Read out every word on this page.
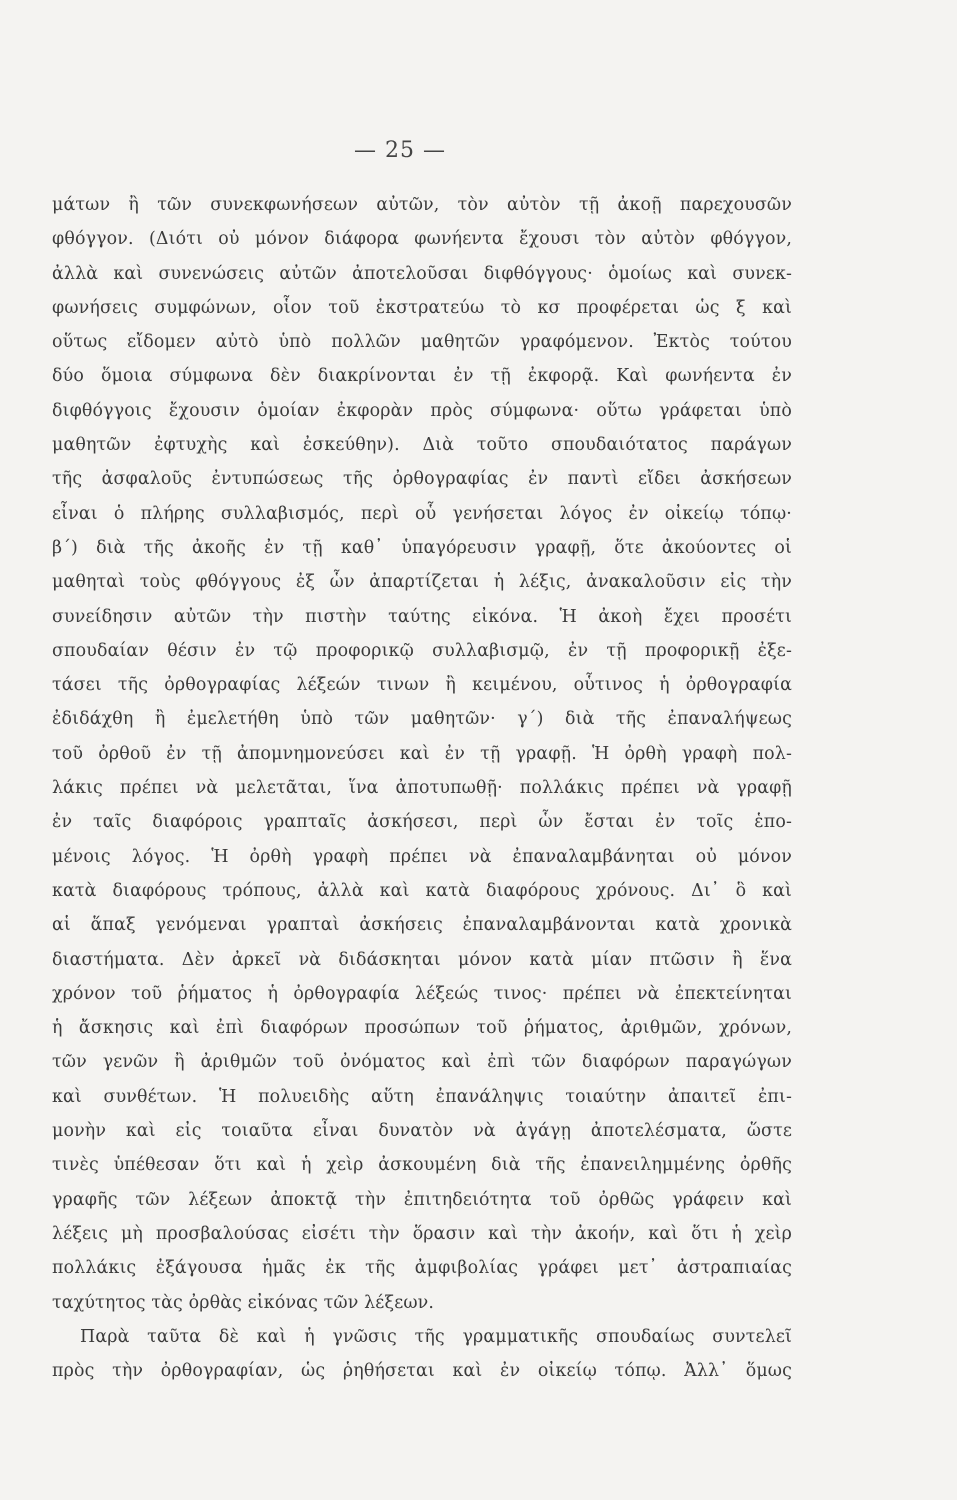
— 25 —
μάτων ἢ τῶν συνεκφωνήσεων αὐτῶν, τὸν αὐτὸν τῇ ἀκοῇ παρεχουσῶν
φθόγγον. (Διότι οὐ μόνον διάφορα φωνήεντα ἔχουσι τὸν αὐτὸν φθόγγον,
ἀλλὰ καὶ συνενώσεις αὐτῶν ἀποτελοῦσαι διφθόγγους· ὁμοίως καὶ συνεκ-
φωνήσεις συμφώνων, οἷον τοῦ ἐκστρατεύω τὸ κσ προφέρεται ὡς ξ καὶ
οὕτως εἴδομεν αὐτὸ ὑπὸ πολλῶν μαθητῶν γραφόμενον. Ἐκτὸς τούτου
δύο ὅμοια σύμφωνα δὲν διακρίνονται ἐν τῇ ἐκφορᾷ. Καὶ φωνήεντα ἐν
διφθόγγοις ἔχουσιν ὁμοίαν ἐκφορὰν πρὸς σύμφωνα· οὕτω γράφεται ὑπὸ
μαθητῶν ἐφτυχὴς καὶ ἐσκεύθην). Διὰ τοῦτο σπουδαιότατος παράγων
τῆς ἀσφαλοῦς ἐντυπώσεως τῆς ὀρθογραφίας ἐν παντὶ εἴδει ἀσκήσεων
εἶναι ὁ πλήρης συλλαβισμός, περὶ οὗ γενήσεται λόγος ἐν οἰκείῳ τόπῳ·
β΄) διὰ τῆς ἀκοῆς ἐν τῇ καθ᾽ ὑπαγόρευσιν γραφῇ, ὅτε ἀκούοντες οἱ
μαθηταὶ τοὺς φθόγγους ἐξ ὧν ἀπαρτίζεται ἡ λέξις, ἀνακαλοῦσιν εἰς τὴν
συνείδησιν αὐτῶν τὴν πιστὴν ταύτης εἰκόνα. Ἡ ἀκοὴ ἔχει προσέτι
σπουδαίαν θέσιν ἐν τῷ προφορικῷ συλλαβισμῷ, ἐν τῇ προφορικῇ ἐξε-
τάσει τῆς ὀρθογραφίας λέξεών τινων ἢ κειμένου, οὗτινος ἡ ὀρθογραφία
ἐδιδάχθη ἢ ἐμελετήθη ὑπὸ τῶν μαθητῶν· γ΄) διὰ τῆς ἐπαναλήψεως
τοῦ ὀρθοῦ ἐν τῇ ἀπομνημονεύσει καὶ ἐν τῇ γραφῇ. Ἡ ὀρθὴ γραφὴ πολ-
λάκις πρέπει νὰ μελετᾶται, ἵνα ἀποτυπωθῇ· πολλάκις πρέπει νὰ γραφῇ
ἐν ταῖς διαφόροις γραπταῖς ἀσκήσεσι, περὶ ὧν ἔσται ἐν τοῖς ἑπο-
μένοις λόγος. Ἡ ὀρθὴ γραφὴ πρέπει νὰ ἐπαναλαμβάνηται οὐ μόνον
κατὰ διαφόρους τρόπους, ἀλλὰ καὶ κατὰ διαφόρους χρόνους. Δι᾽ ὃ καὶ
αἱ ἅπαξ γενόμεναι γραπταὶ ἀσκήσεις ἐπαναλαμβάνονται κατὰ χρονικὰ
διαστήματα. Δὲν ἀρκεῖ νὰ διδάσκηται μόνον κατὰ μίαν πτῶσιν ἢ ἕνα
χρόνον τοῦ ῥήματος ἡ ὀρθογραφία λέξεώς τινος· πρέπει νὰ ἐπεκτείνηται
ἡ ἄσκησις καὶ ἐπὶ διαφόρων προσώπων τοῦ ῥήματος, ἀριθμῶν, χρόνων,
τῶν γενῶν ἢ ἀριθμῶν τοῦ ὀνόματος καὶ ἐπὶ τῶν διαφόρων παραγώγων
καὶ συνθέτων. Ἡ πολυειδὴς αὕτη ἐπανάληψις τοιαύτην ἀπαιτεῖ ἐπι-
μονὴν καὶ εἰς τοιαῦτα εἶναι δυνατὸν νὰ ἀγάγῃ ἀποτελέσματα, ὥστε
τινὲς ὑπέθεσαν ὅτι καὶ ἡ χεὶρ ἀσκουμένη διὰ τῆς ἐπανειλημμένης ὀρθῆς
γραφῆς τῶν λέξεων ἀποκτᾷ τὴν ἐπιτηδειότητα τοῦ ὀρθῶς γράφειν καὶ
λέξεις μὴ προσβαλούσας εἰσέτι τὴν ὅρασιν καὶ τὴν ἀκοήν, καὶ ὅτι ἡ χεὶρ
πολλάκις ἐξάγουσα ἡμᾶς ἐκ τῆς ἀμφιβολίας γράφει μετ᾽ ἀστραπιαίας
ταχύτητος τὰς ὀρθὰς εἰκόνας τῶν λέξεων.
Παρὰ ταῦτα δὲ καὶ ἡ γνῶσις τῆς γραμματικῆς σπουδαίως συντελεῖ
πρὸς τὴν ὀρθογραφίαν, ὡς ῥηθήσεται καὶ ἐν οἰκείῳ τόπῳ. Ἀλλ᾽ ὅμως
